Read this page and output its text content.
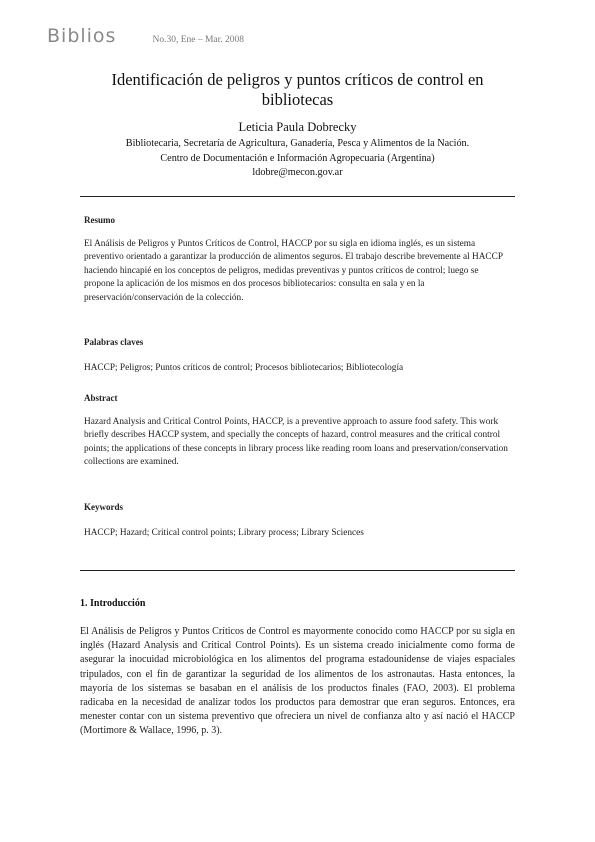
Biblios	No.30, Ene – Mar. 2008
Identificación de peligros y puntos críticos de control en bibliotecas
Leticia Paula Dobrecky
Bibliotecaria, Secretaría de Agricultura, Ganadería, Pesca y Alimentos de la Nación.
Centro de Documentación e Información Agropecuaria (Argentina)
ldobre@mecon.gov.ar
Resumo
El Análisis de Peligros y Puntos Críticos de Control, HACCP por su sigla en idioma inglés, es un sistema preventivo orientado a garantizar la producción de alimentos seguros. El trabajo describe brevemente al HACCP haciendo hincapié en los conceptos de peligros, medidas preventivas y puntos críticos de control; luego se propone la aplicación de los mismos en dos procesos bibliotecarios: consulta en sala y en la preservación/conservación de la colección.
Palabras claves
HACCP; Peligros; Puntos críticos de control; Procesos bibliotecarios; Bibliotecología
Abstract
Hazard Analysis and Critical Control Points, HACCP, is a preventive approach to assure food safety. This work briefly describes HACCP system, and specially the concepts of hazard, control measures and the critical control points; the applications of these concepts in library process like reading room loans and preservation/conservation collections are examined.
Keywords
HACCP; Hazard; Critical control points; Library process; Library Sciences
1. Introducción
El Análisis de Peligros y Puntos Críticos de Control es mayormente conocido como HACCP por su sigla en inglés (Hazard Analysis and Critical Control Points). Es un sistema creado inicialmente como forma de asegurar la inocuidad microbiológica en los alimentos del programa estadounidense de viajes espaciales tripulados, con el fin de garantizar la seguridad de los alimentos de los astronautas. Hasta entonces, la mayoría de los sistemas se basaban en el análisis de los productos finales (FAO, 2003). El problema radicaba en la necesidad de analizar todos los productos para demostrar que eran seguros. Entonces, era menester contar con un sistema preventivo que ofreciera un nivel de confianza alto y así nació el HACCP (Mortimore & Wallace, 1996, p. 3).
